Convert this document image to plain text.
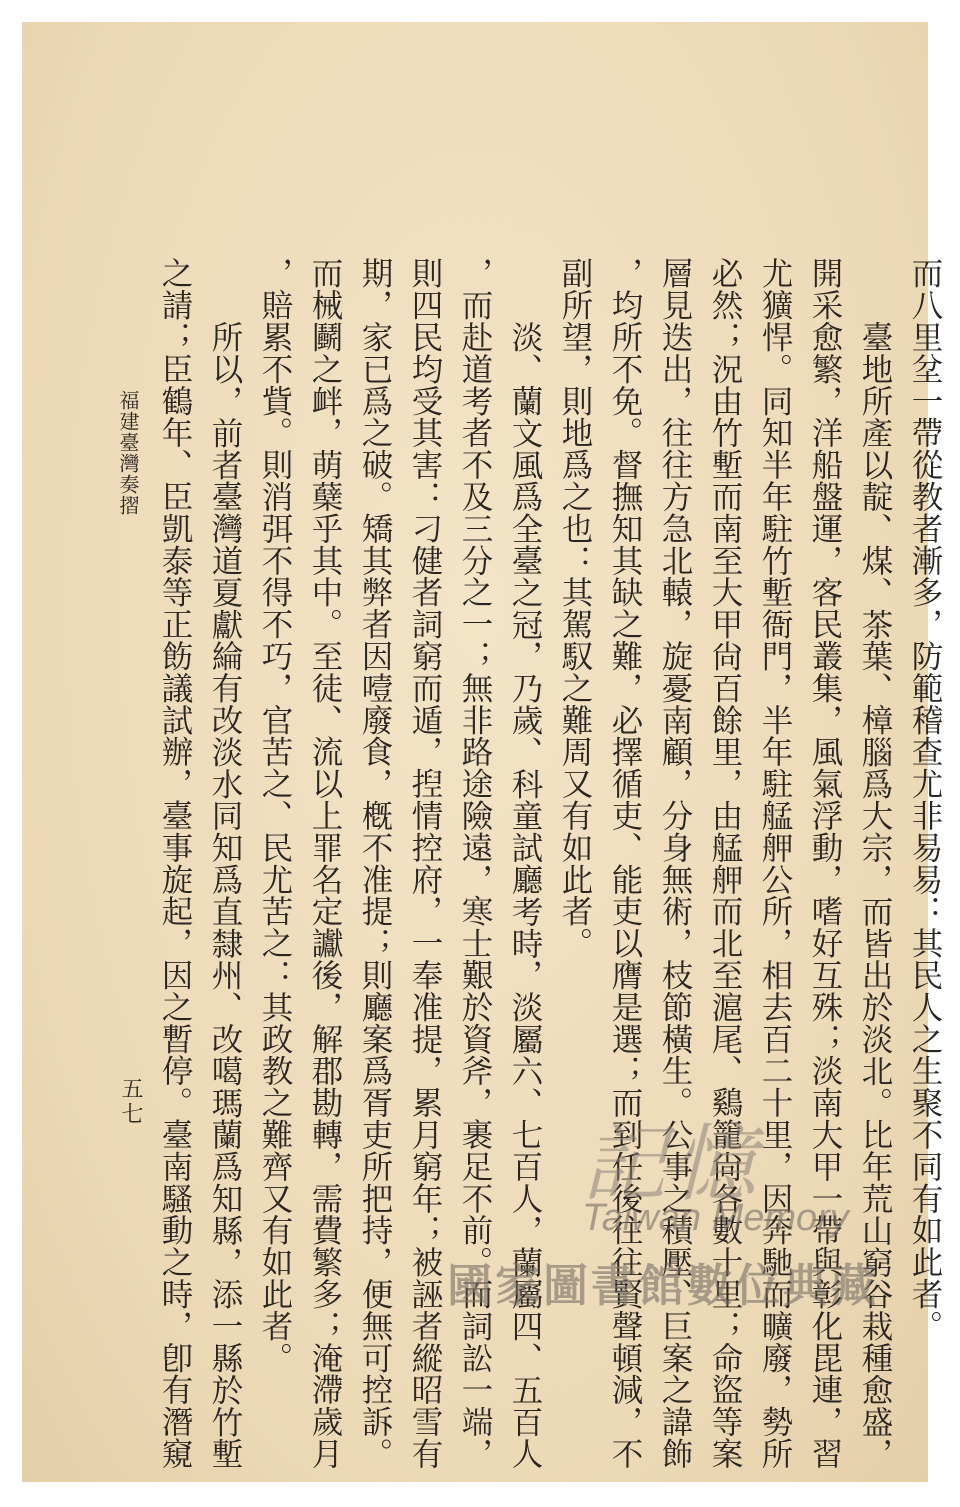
而八里坌一帶從教者漸多，防範稽查尤非易易：其民人之生聚不同有如此者。
臺地所產以靛、煤、茶葉、樟腦爲大宗，而皆出於淡北。比年荒山窮谷栽種愈盛，
開采愈繁，洋船盤運，客民叢集，風氣浮動，嗜好互殊；淡南大甲一帶與彰化毘連，習
尤獷悍。同知半年駐竹塹衙門，半年駐艋舺公所，相去百二十里，因奔馳而曠廢，勢所
必然；況由竹塹而南至大甲尙百餘里，由艋舺而北至滬尾、鷄籠尙各數十里；命盜等案
層見迭出，往往方急北轅，旋憂南顧，分身無術，枝節橫生。公事之積壓、巨案之諱飾
，均所不免。督撫知其缺之難，必擇循吏、能吏以膺是選；而到任後往往賢聲頓減，不
副所望，則地爲之也：其駕馭之難周又有如此者。
淡、蘭文風爲全臺之冠，乃歲、科童試廳考時，淡屬六、七百人，蘭屬四、五百人
，而赴道考者不及三分之一；無非路途險遠，寒士艱於資斧，裹足不前。而詞訟一端，
則四民均受其害：刁健者詞窮而遁，揑情控府，一奉准提，累月窮年；被誣者縱昭雪有
期，家已爲之破。矯其弊者因噎廢食，槪不准提；則廳案爲胥吏所把持，便無可控訴。
而械鬬之衅，萌蘖乎其中。至徒、流以上罪名定讞後，解郡勘轉，需費繁多；淹滯歲月
，賠累不貲。則消弭不得不巧，官苦之、民尤苦之：其政教之難齊又有如此者。
所以，前者臺灣道夏獻綸有改淡水同知爲直隸州、改噶瑪蘭爲知縣，添一縣於竹塹
之請；臣鶴年、臣凱泰等正飭議試辦，臺事旋起，因之暫停。臺南騷動之時，卽有潛窺
福建臺灣奏摺
五七
記憶
Taiwan Memory
國家圖書館數位典藏
